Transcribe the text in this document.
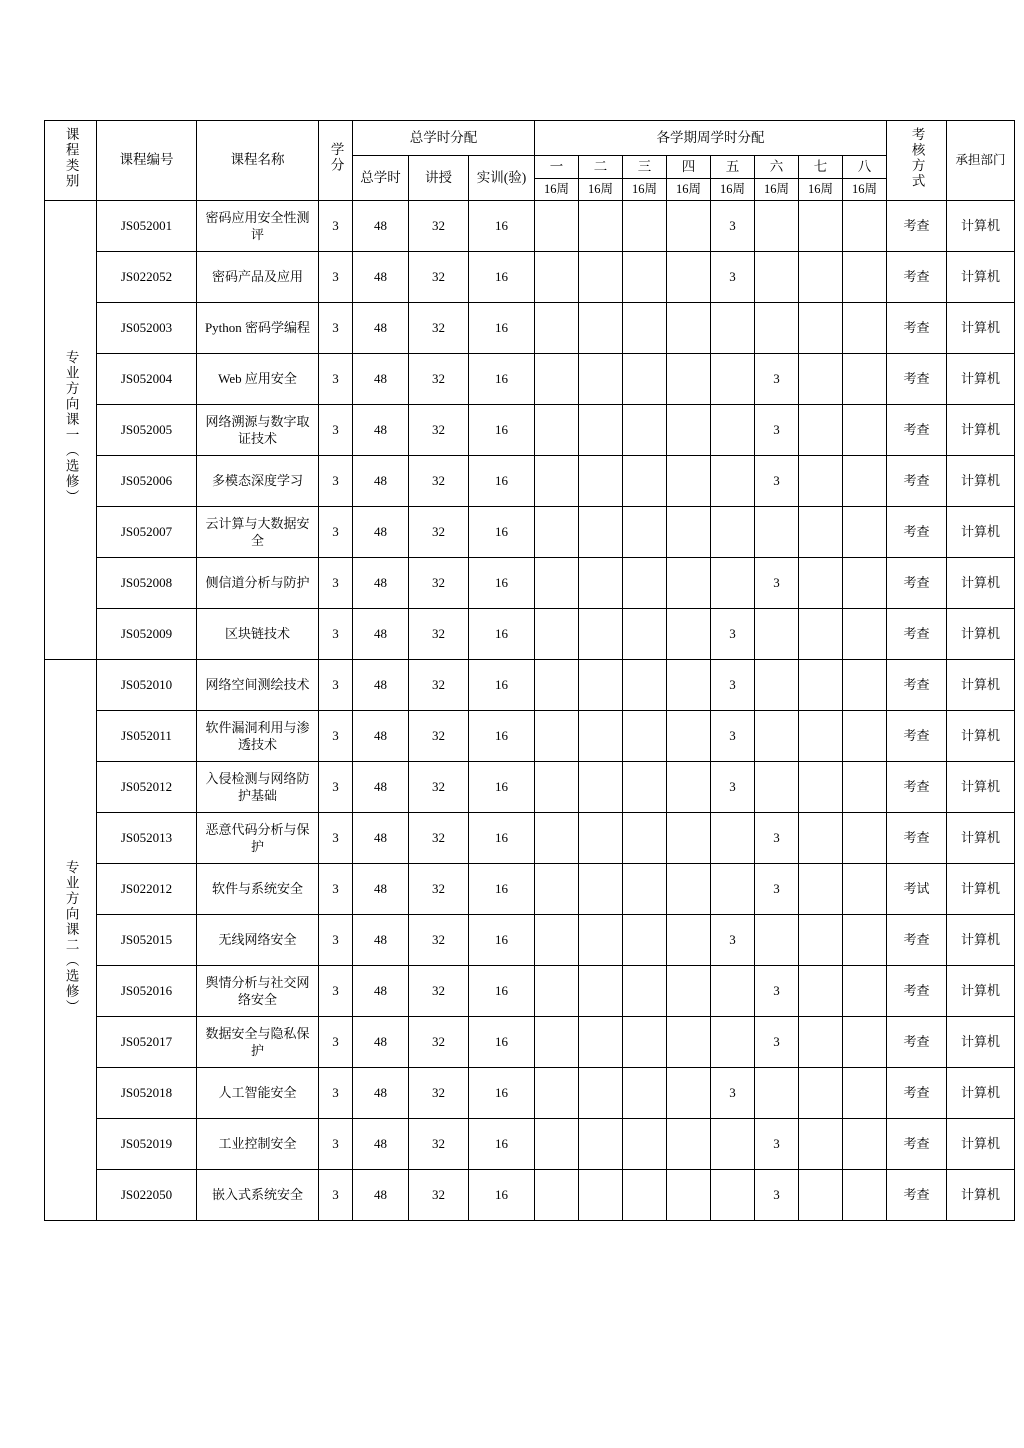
课程类别	课程编号	课程名称	学分	总学时分配			各学期周学时分配								考核方式	承担部门
				总学时	讲授	实训(验)	一	二	三	四	五	六	七	八		
							16周	16周	16周	16周	16周	16周	16周	16周		
专业方向课一（选修）	JS052001	密码应用安全性测评	3	48	32	16					3				考查	计算机
	JS022052	密码产品及应用	3	48	32	16					3				考查	计算机
	JS052003	Python 密码学编程	3	48	32	16									考查	计算机
	JS052004	Web 应用安全	3	48	32	16						3			考查	计算机
	JS052005	网络溯源与数字取证技术	3	48	32	16						3			考查	计算机
	JS052006	多模态深度学习	3	48	32	16						3			考查	计算机
	JS052007	云计算与大数据安全	3	48	32	16									考查	计算机
	JS052008	侧信道分析与防护	3	48	32	16						3			考查	计算机
	JS052009	区块链技术	3	48	32	16					3				考查	计算机
专业方向课二（选修）	JS052010	网络空间测绘技术	3	48	32	16					3				考查	计算机
	JS052011	软件漏洞利用与渗透技术	3	48	32	16					3				考查	计算机
	JS052012	入侵检测与网络防护基础	3	48	32	16					3				考查	计算机
	JS052013	恶意代码分析与保护	3	48	32	16						3			考查	计算机
	JS022012	软件与系统安全	3	48	32	16						3			考试	计算机
	JS052015	无线网络安全	3	48	32	16					3				考查	计算机
	JS052016	舆情分析与社交网络安全	3	48	32	16						3			考查	计算机
	JS052017	数据安全与隐私保护	3	48	32	16						3			考查	计算机
	JS052018	人工智能安全	3	48	32	16					3				考查	计算机
	JS052019	工业控制安全	3	48	32	16						3			考查	计算机
	JS022050	嵌入式系统安全	3	48	32	16						3			考查	计算机
